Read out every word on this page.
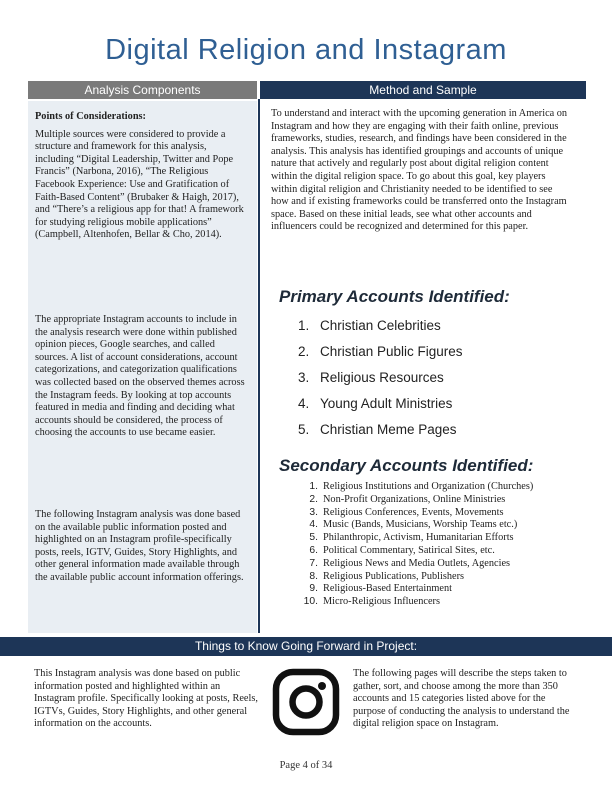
Digital Religion and Instagram
Analysis Components	Method and Sample

Points of Considerations:

Multiple sources were considered to provide a structure and framework for this analysis, including “Digital Leadership, Twitter and Pope Francis” (Narbona, 2016), “The Religious Facebook Experience: Use and Gratification of Faith-Based Content” (Brubaker & Haigh, 2017), and “There’s a religious app for that! A framework for studying religious mobile applications” (Campbell, Altenhofen, Bellar & Cho, 2014).

The appropriate Instagram accounts to include in the analysis research were done within published opinion pieces, Google searches, and called sources. A list of account considerations, account categorizations, and categorization qualifications was collected based on the observed themes across the Instagram feeds. By looking at top accounts featured in media and finding and deciding what accounts should be considered, the process of choosing the accounts to use became easier.
The following Instagram analysis was done based on the available public information posted and highlighted on an Instagram profile-specifically posts, reels, IGTV, Guides, Story Highlights, and other general information made available through the available public account information offerings.
To understand and interact with the upcoming generation in America on Instagram and how they are engaging with their faith online, previous frameworks, studies, research, and findings have been considered in the analysis. This analysis has identified groupings and accounts of unique nature that actively and regularly post about digital religion content within the digital religion space. To go about this goal, key players within digital religion and Christianity needed to be identified to see how and if existing frameworks could be transferred onto the Instagram space. Based on these initial leads, see what other accounts and influencers could be recognized and determined for this paper.
Primary Accounts Identified:
1. Christian Celebrities
2. Christian Public Figures
3. Religious Resources
4. Young Adult Ministries
5. Christian Meme Pages
Secondary Accounts Identified:
1. Religious Institutions and Organization (Churches)
2. Non-Profit Organizations, Online Ministries
3. Religious Conferences, Events, Movements
4. Music (Bands, Musicians, Worship Teams etc.)
5. Philanthropic, Activism, Humanitarian Efforts
6. Political Commentary, Satirical Sites, etc.
7. Religious News and Media Outlets, Agencies
8. Religious Publications, Publishers
9. Religious-Based Entertainment
10. Micro-Religious Influencers
Things to Know Going Forward in Project:
This Instagram analysis was done based on public information posted and highlighted within an Instagram profile. Specifically looking at posts, Reels, IGTVs, Guides, Story Highlights, and other general information on the accounts.
The following pages will describe the steps taken to gather, sort, and choose among the more than 350 accounts and 15 categories listed above for the purpose of conducting the analysis to understand the digital religion space on Instagram.
Page 4 of 34
